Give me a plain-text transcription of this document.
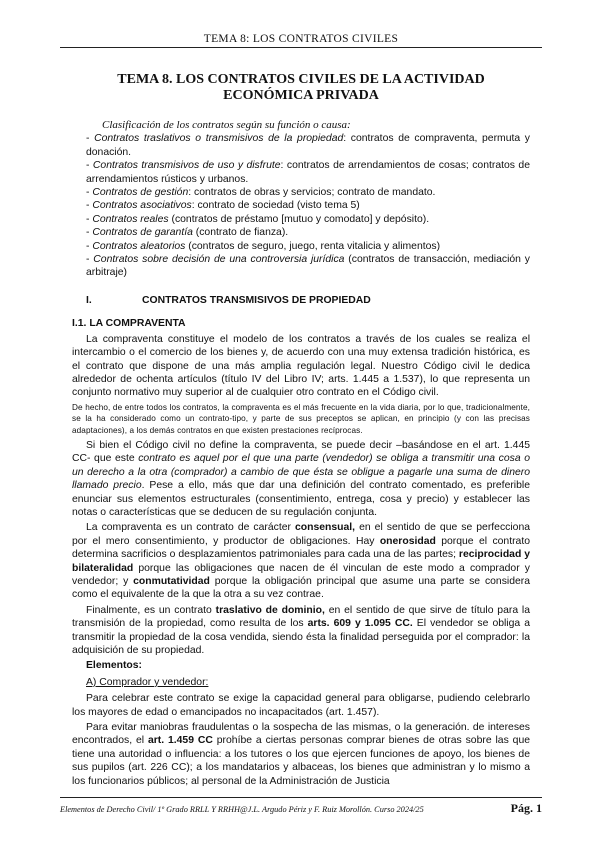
TEMA 8: LOS CONTRATOS CIVILES
TEMA 8. LOS CONTRATOS CIVILES DE LA ACTIVIDAD
ECONÓMICA PRIVADA

Clasificación de los contratos según su función o causa:

- Contratos traslativos o transmisivos de la propiedad: contratos de compraventa, permuta y donación.

- Contratos transmisivos de uso y disfrute: contratos de arrendamientos de cosas; contratos de arrendamientos rústicos y urbanos.

- Contratos de gestión: contratos de obras y servicios; contrato de mandato.

- Contratos asociativos: contrato de sociedad (visto tema 5)

- Contratos reales (contratos de préstamo [mutuo y comodato] y depósito).

- Contratos de garantía (contrato de fianza).

- Contratos aleatorios (contratos de seguro, juego, renta vitalicia y alimentos)

- Contratos sobre decisión de una controversia jurídica (contratos de transacción, mediación y arbitraje)

I.	CONTRATOS TRANSMISIVOS DE PROPIEDAD

I.1. LA COMPRAVENTA

La compraventa constituye el modelo de los contratos a través de los cuales se realiza el intercambio o el comercio de los bienes y, de acuerdo con una muy extensa tradición histórica, es el contrato que dispone de una más amplia regulación legal. Nuestro Código civil le dedica alrededor de ochenta artículos (título IV del Libro IV; arts. 1.445 a 1.537), lo que representa un conjunto normativo muy superior al de cualquier otro contrato en el Código civil.

De hecho, de entre todos los contratos, la compraventa es el más frecuente en la vida diaria, por lo que, tradicionalmente, se la ha considerado como un contrato-tipo, y parte de sus preceptos se aplican, en principio (y con las precisas adaptaciones), a los demás contratos en que existen prestaciones recíprocas.

Si bien el Código civil no define la compraventa, se puede decir –basándose en el art. 1.445 CC- que este contrato es aquel por el que una parte (vendedor) se obliga a transmitir una cosa o un derecho a la otra (comprador) a cambio de que ésta se obligue a pagarle una suma de dinero llamado precio. Pese a ello, más que dar una definición del contrato comentado, es preferible enunciar sus elementos estructurales (consentimiento, entrega, cosa y precio) y establecer las notas o características que se deducen de su regulación conjunta.

La compraventa es un contrato de carácter consensual, en el sentido de que se perfecciona por el mero consentimiento, y productor de obligaciones. Hay onerosidad porque el contrato determina sacrificios o desplazamientos patrimoniales para cada una de las partes; reciprocidad y bilateralidad porque las obligaciones que nacen de él vinculan de este modo a comprador y vendedor; y conmutatividad porque la obligación principal que asume una parte se considera como el equivalente de la que la otra a su vez contrae.

Finalmente, es un contrato traslativo de dominio, en el sentido de que sirve de título para la transmisión de la propiedad, como resulta de los arts. 609 y 1.095 CC. El vendedor se obliga a transmitir la propiedad de la cosa vendida, siendo ésta la finalidad perseguida por el comprador: la adquisición de su propiedad.

Elementos:

A) Comprador y vendedor:

Para celebrar este contrato se exige la capacidad general para obligarse, pudiendo celebrarlo los mayores de edad o emancipados no incapacitados (art. 1.457).

Para evitar maniobras fraudulentas o la sospecha de las mismas, o la generación. de intereses encontrados, el art. 1.459 CC prohíbe a ciertas personas comprar bienes de otras sobre las que tiene una autoridad o influencia: a los tutores o los que ejercen funciones de apoyo, los bienes de sus pupilos (art. 226 CC); a los mandatarios y albaceas, los bienes que administran y lo mismo a los funcionarios públicos; al personal de la Administración de Justicia

Elementos de Derecho Civil/ 1º Grado RRLL Y RRHH@J.L. Argudo Périz y F. Ruiz Morollón. Curso 2024/25	Pág. 1
